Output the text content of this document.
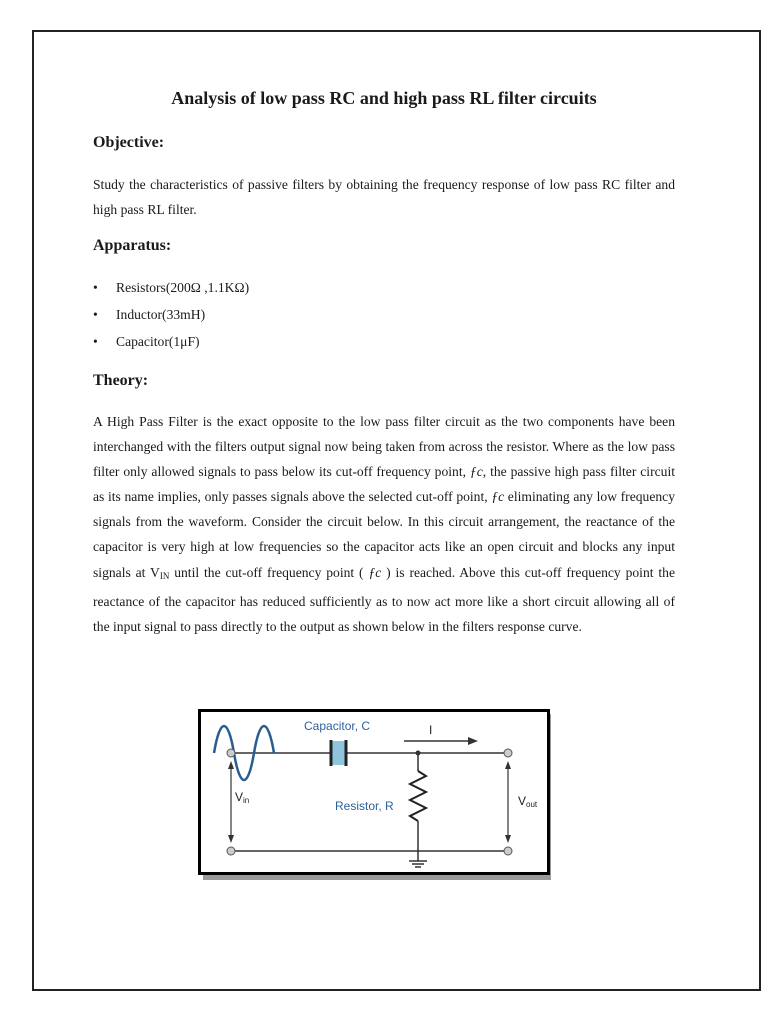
Analysis of low pass RC and high pass RL filter circuits
Objective:

Study the characteristics of passive filters by obtaining the frequency response of low pass RC filter and high pass RL filter.

Apparatus:
• Resistors(200Ω ,1.1KΩ)
• Inductor(33mH)
• Capacitor(1μF)
Theory:

A High Pass Filter is the exact opposite to the low pass filter circuit as the two components have been interchanged with the filters output signal now being taken from across the resistor. Where as the low pass filter only allowed signals to pass below its cut-off frequency point, ƒc, the passive high pass filter circuit as its name implies, only passes signals above the selected cut-off point, ƒc eliminating any low frequency signals from the waveform. Consider the circuit below. In this circuit arrangement, the reactance of the capacitor is very high at low frequencies so the capacitor acts like an open circuit and blocks any input signals at $V_{IN}$ until the cut-off frequency point ( ƒc ) is reached. Above this cut-off frequency point the reactance of the capacitor has reduced sufficiently as to now act more like a short circuit allowing all of the input signal to pass directly to the output as shown below in the filters response curve.

Capacitor, C	I
Resistor, R
Vin	Vout
